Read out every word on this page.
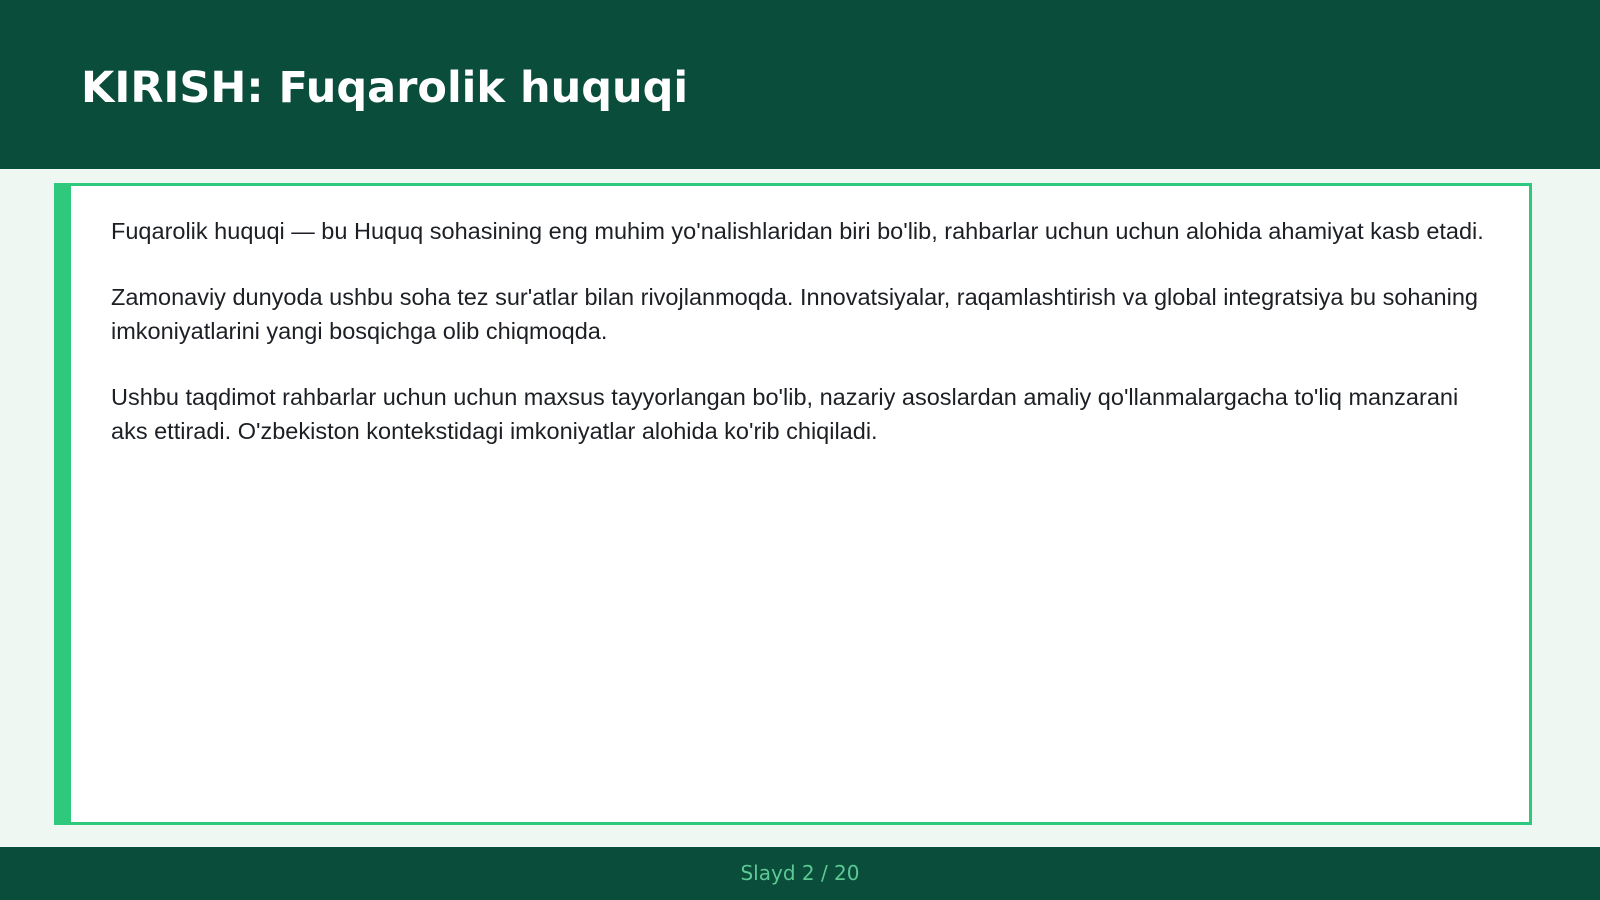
KIRISH: Fuqarolik huquqi

Fuqarolik huquqi — bu Huquq sohasining eng muhim yo'nalishlaridan biri bo'lib, rahbarlar uchun uchun alohida ahamiyat kasb etadi.

Zamonaviy dunyoda ushbu soha tez sur'atlar bilan rivojlanmoqda. Innovatsiyalar, raqamlashtirish va global integratsiya bu sohaning imkoniyatlarini yangi bosqichga olib chiqmoqda.

Ushbu taqdimot rahbarlar uchun uchun maxsus tayyorlangan bo'lib, nazariy asoslardan amaliy qo'llanmalargacha to'liq manzarani aks ettiradi. O'zbekiston kontekstidagi imkoniyatlar alohida ko'rib chiqiladi.

Slayd 2 / 20
